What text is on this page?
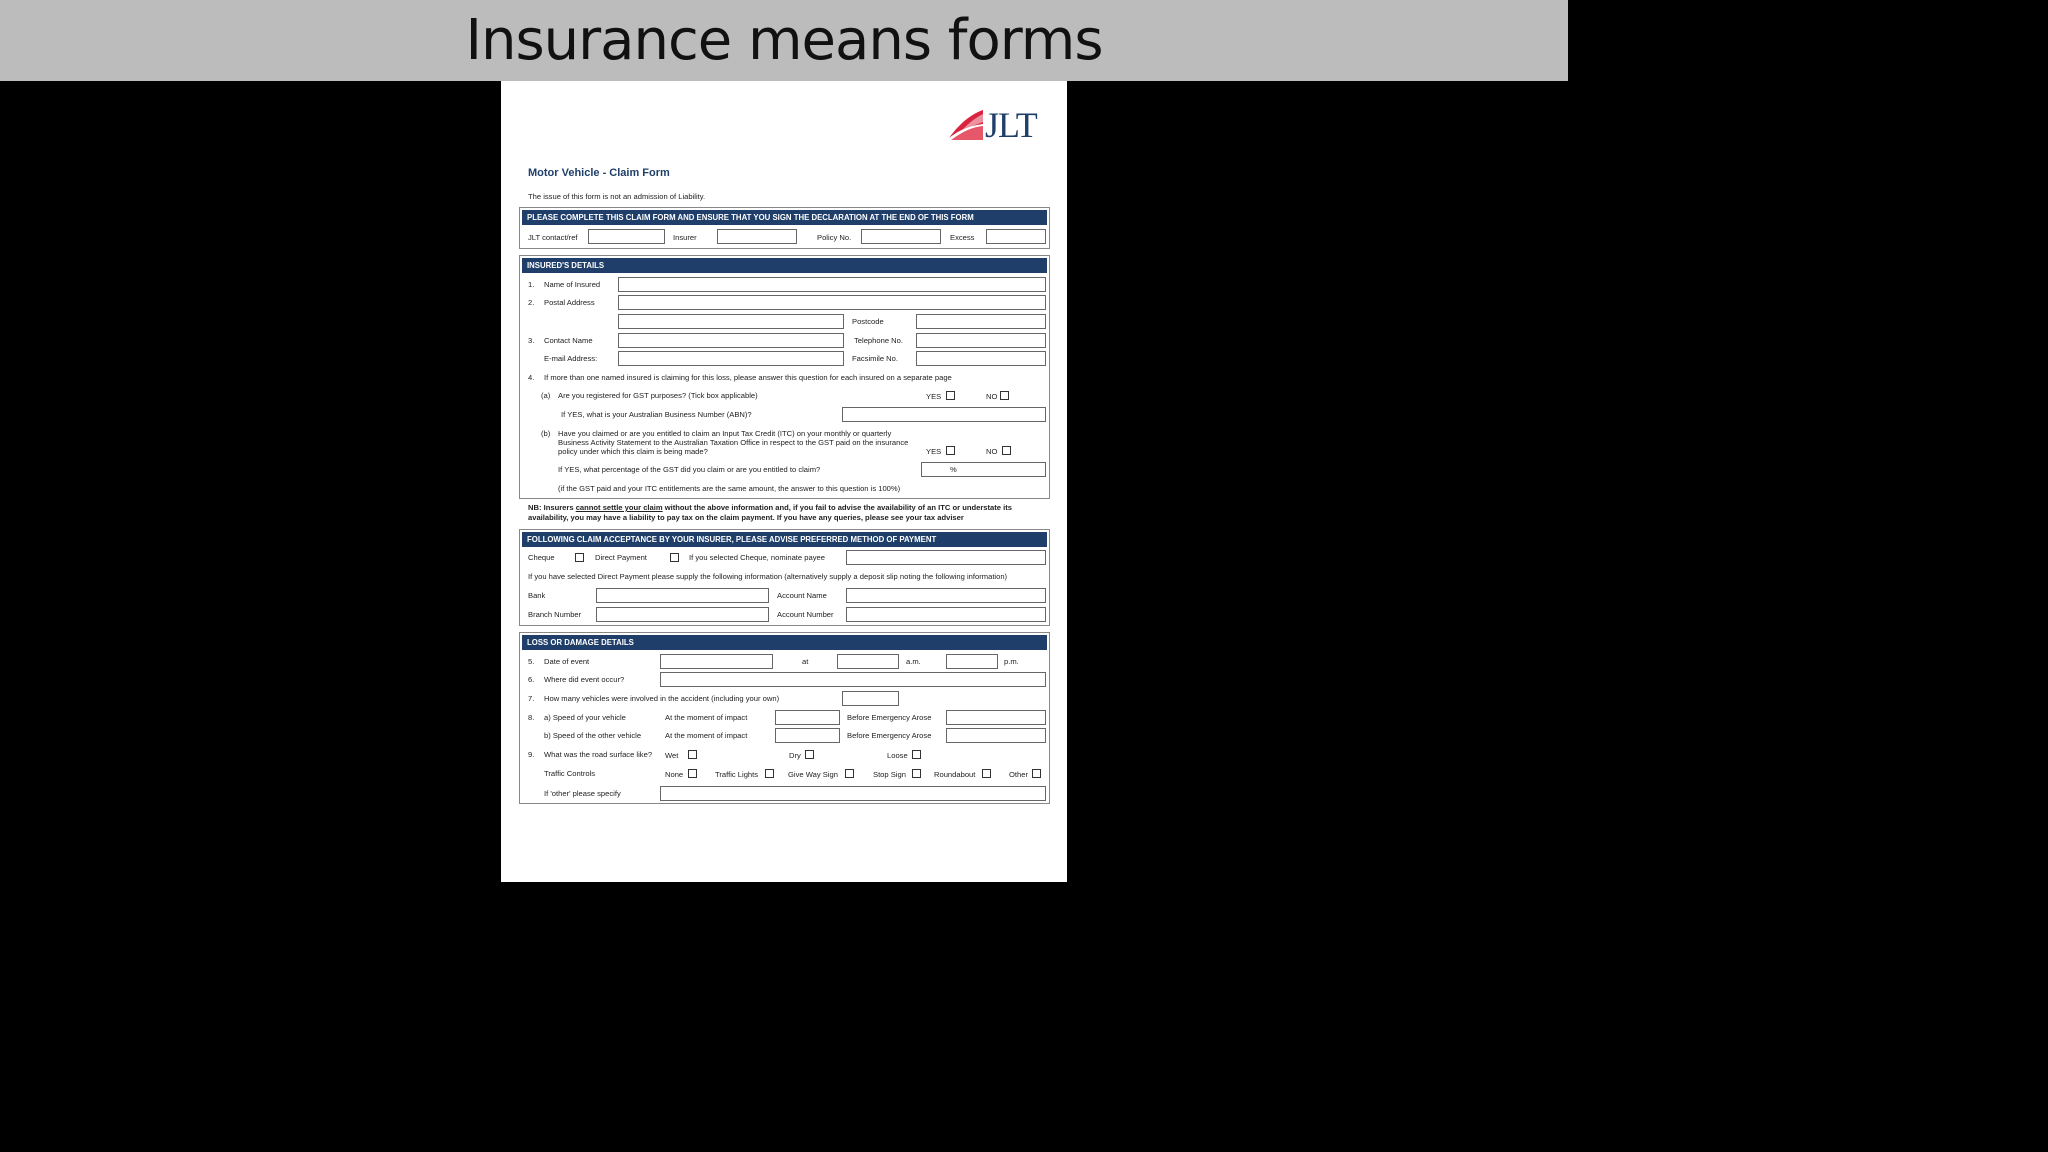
Insurance means forms
JLT
Motor Vehicle - Claim Form
The issue of this form is not an admission of Liability.
PLEASE COMPLETE THIS CLAIM FORM AND ENSURE THAT YOU SIGN THE DECLARATION AT THE END OF THIS FORM
JLT contact/ref	Insurer	Policy No.	Excess
INSURED'S DETAILS
1. Name of Insured
2. Postal Address
Postcode
3. Contact Name	Telephone No.
E-mail Address:	Facsimile No.
4. If more than one named insured is claiming for this loss, please answer this question for each insured on a separate page
(a) Are you registered for GST purposes? (Tick box applicable)	YES	NO
If YES, what is your Australian Business Number (ABN)?
(b) Have you claimed or are you entitled to claim an Input Tax Credit (ITC) on your monthly or quarterly Business Activity Statement to the Australian Taxation Office in respect to the GST paid on the insurance policy under which this claim is being made?	YES	NO
If YES, what percentage of the GST did you claim or are you entitled to claim?	%
(if the GST paid and your ITC entitlements are the same amount, the answer to this question is 100%)
NB: Insurers cannot settle your claim without the above information and, if you fail to advise the availability of an ITC or understate its availability, you may have a liability to pay tax on the claim payment. If you have any queries, please see your tax adviser
FOLLOWING CLAIM ACCEPTANCE BY YOUR INSURER, PLEASE ADVISE PREFERRED METHOD OF PAYMENT
Cheque	Direct Payment	If you selected Cheque, nominate payee
If you have selected Direct Payment please supply the following information (alternatively supply a deposit slip noting the following information)
Bank	Account Name
Branch Number	Account Number
LOSS OR DAMAGE DETAILS
5. Date of event	at	a.m.	p.m.
6. Where did event occur?
7. How many vehicles were involved in the accident (including your own)
8. a) Speed of your vehicle	At the moment of impact	Before Emergency Arose
b) Speed of the other vehicle	At the moment of impact	Before Emergency Arose
9. What was the road surface like? Wet	Dry	Loose
Traffic Controls	None	Traffic Lights	Give Way Sign	Stop Sign	Roundabout	Other
If 'other' please specify
